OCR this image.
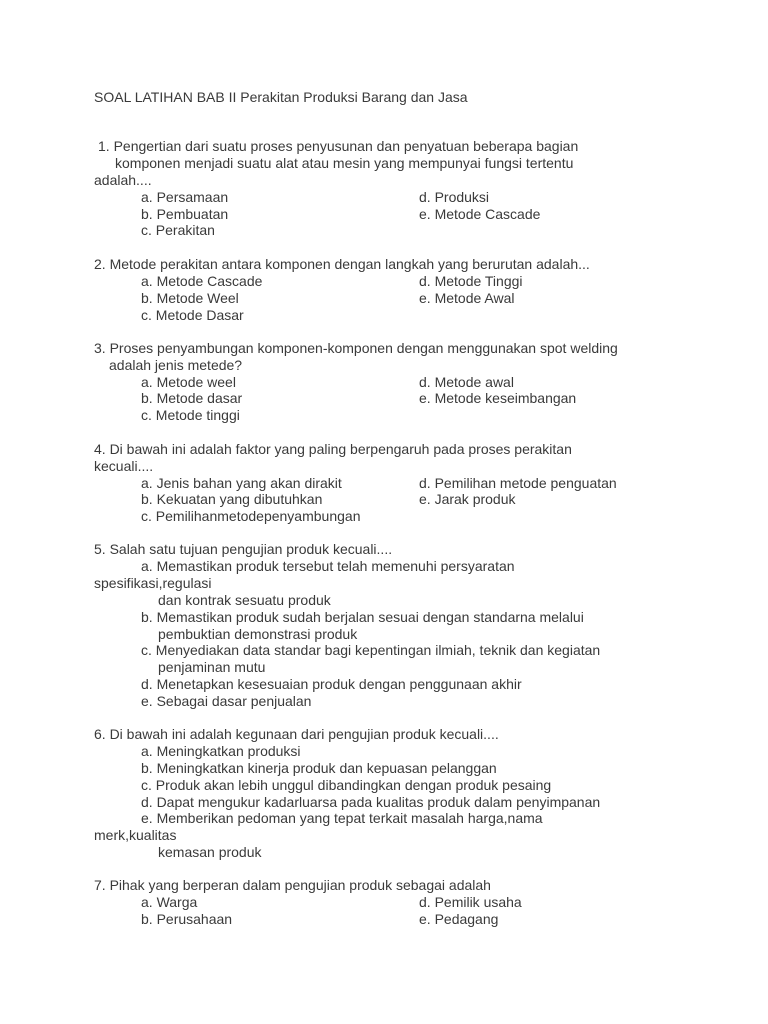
SOAL LATIHAN BAB II Perakitan Produksi Barang dan Jasa
1. Pengertian dari suatu proses penyusunan dan penyatuan beberapa bagian
komponen menjadi suatu alat atau mesin yang mempunyai fungsi tertentu
adalah....
a. Persamaan	d. Produksi
b. Pembuatan	e. Metode Cascade
c. Perakitan
2. Metode perakitan antara komponen dengan langkah yang berurutan adalah...
a. Metode Cascade	d. Metode Tinggi
b. Metode Weel	e. Metode Awal
c. Metode Dasar
3. Proses penyambungan komponen-komponen dengan menggunakan spot welding
adalah jenis metede?
a. Metode weel	d. Metode awal
b. Metode dasar	e. Metode keseimbangan
c. Metode tinggi
4. Di bawah ini adalah faktor yang paling berpengaruh pada proses perakitan
kecuali....
a. Jenis bahan yang akan dirakit	d. Pemilihan metode penguatan
b. Kekuatan yang dibutuhkan	e. Jarak produk
c. Pemilihanmetodepenyambungan
5. Salah satu tujuan pengujian produk kecuali....
a. Memastikan produk tersebut telah memenuhi persyaratan
spesifikasi,regulasi
dan kontrak sesuatu produk
b. Memastikan produk sudah berjalan sesuai dengan standarna melalui
pembuktian demonstrasi produk
c. Menyediakan data standar bagi kepentingan ilmiah, teknik dan kegiatan
penjaminan mutu
d. Menetapkan kesesuaian produk dengan penggunaan akhir
e. Sebagai dasar penjualan
6. Di bawah ini adalah kegunaan dari pengujian produk kecuali....
a. Meningkatkan produksi
b. Meningkatkan kinerja produk dan kepuasan pelanggan
c. Produk akan lebih unggul dibandingkan dengan produk pesaing
d. Dapat mengukur kadarluarsa pada kualitas produk dalam penyimpanan
e. Memberikan pedoman yang tepat terkait masalah harga,nama
merk,kualitas
kemasan produk
7. Pihak yang berperan dalam pengujian produk sebagai adalah
a. Warga	d. Pemilik usaha
b. Perusahaan	e. Pedagang
